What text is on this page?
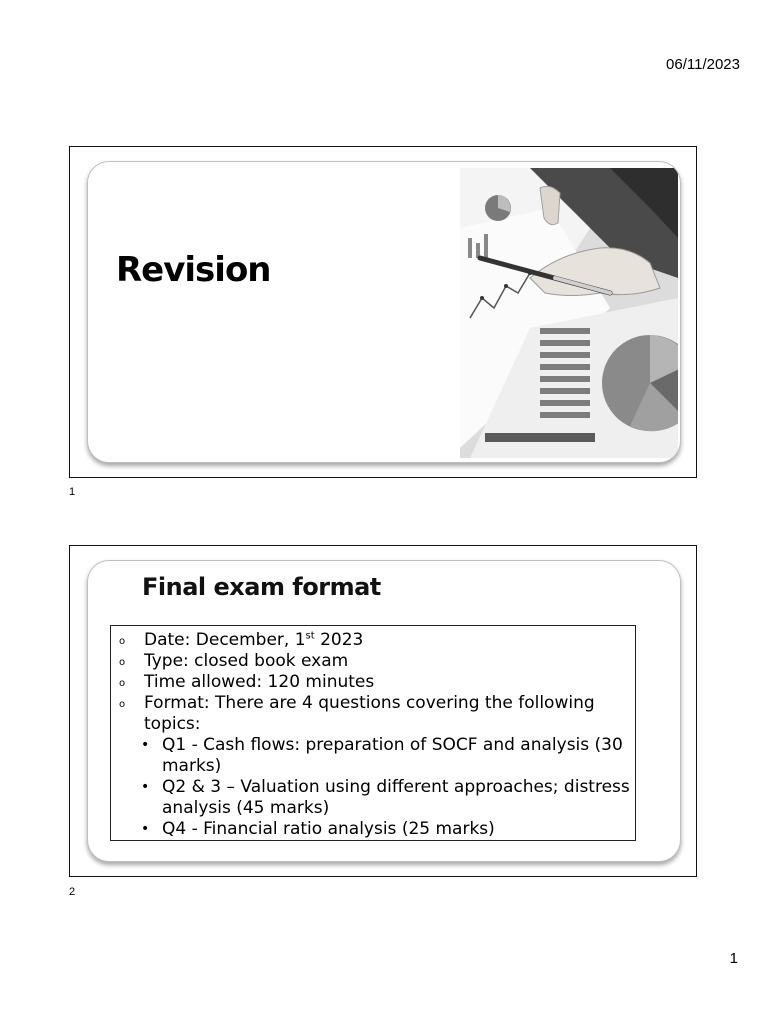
06/11/2023
Revision
1
Final exam format
o Date: December, 1st 2023
o Type: closed book exam
o Time allowed: 120 minutes
o Format: There are 4 questions covering the following topics:
• Q1 - Cash flows: preparation of SOCF and analysis (30 marks)
• Q2 & 3 – Valuation using different approaches; distress analysis (45 marks)
• Q4 - Financial ratio analysis (25 marks)
2
1
